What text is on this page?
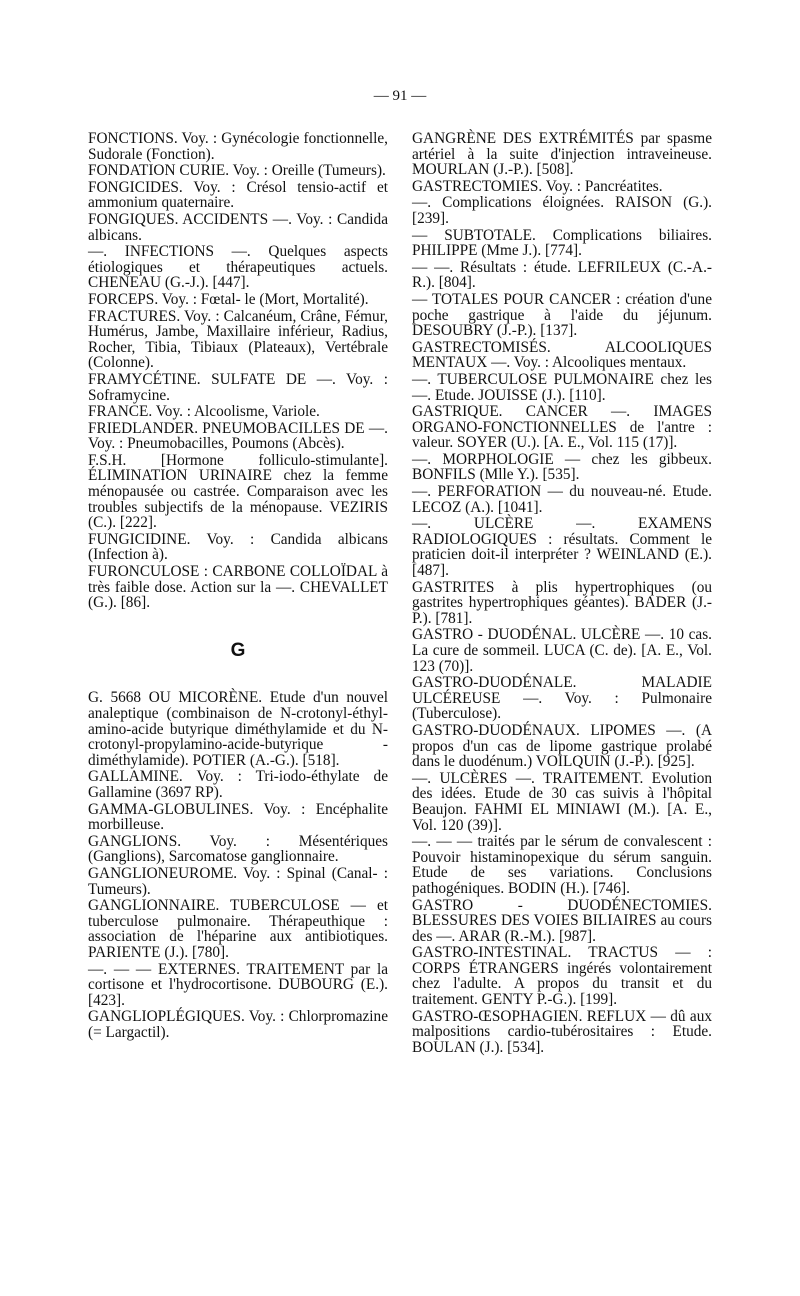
— 91 —

FONCTIONS. Voy. : Gynécologie fonctionnelle, Sudorale (Fonction).

FONDATION CURIE. Voy. : Oreille (Tumeurs).

FONGICIDES. Voy. : Crésol tensio-actif et ammonium quaternaire.

FONGIQUES. ACCIDENTS —. Voy. : Candida albicans.

—. INFECTIONS —. Quelques aspects étiologiques et thérapeutiques actuels. CHENEAU (G.-J.). [447].

FORCEPS. Voy. : Fœtal- le (Mort, Mortalité).

FRACTURES. Voy. : Calcanéum, Crâne, Fémur, Humérus, Jambe, Maxillaire inférieur, Radius, Rocher, Tibia, Tibiaux (Plateaux), Vertébrale (Colonne).

FRAMYCÉTINE. SULFATE DE —. Voy. : Soframycine.

FRANCE. Voy. : Alcoolisme, Variole.

FRIEDLANDER. PNEUMOBACILLES DE —. Voy. : Pneumobacilles, Poumons (Abcès).

F.S.H. [Hormone folliculo-stimulante]. ÉLIMINATION URINAIRE chez la femme ménopausée ou castrée. Comparaison avec les troubles subjectifs de la ménopause. VEZIRIS (C.). [222].

FUNGICIDINE. Voy. : Candida albicans (Infection à).

FURONCULOSE : CARBONE COLLOÏDAL à très faible dose. Action sur la —. CHEVALLET (G.). [86].

G

G. 5668 OU MICORÈNE. Etude d'un nouvel analeptique (combinaison de N-crotonyl-éthyl-amino-acide butyrique diméthylamide et du N-crotonyl-propylamino-acide-butyrique - diméthylamide). POTIER (A.-G.). [518].

GALLAMINE. Voy. : Tri-iodo-éthylate de Gallamine (3697 RP).

GAMMA-GLOBULINES. Voy. : Encéphalite morbilleuse.

GANGLIONS. Voy. : Mésentériques (Ganglions), Sarcomatose ganglionnaire.

GANGLIONEUROME. Voy. : Spinal (Canal- : Tumeurs).

GANGLIONNAIRE. TUBERCULOSE — et tuberculose pulmonaire. Thérapeuthique : association de l'héparine aux antibiotiques. PARIENTE (J.). [780].

—. — — EXTERNES. TRAITEMENT par la cortisone et l'hydrocortisone. DUBOURG (E.). [423].

GANGLIOPLÉGIQUES. Voy. : Chlorpromazine (= Largactil).

GANGRÈNE DES EXTRÉMITÉS par spasme artériel à la suite d'injection intraveineuse. MOURLAN (J.-P.). [508].

GASTRECTOMIES. Voy. : Pancréatites.

—. Complications éloignées. RAISON (G.). [239].

— SUBTOTALE. Complications biliaires. PHILIPPE (Mme J.). [774].

— —. Résultats : étude. LEFRILEUX (C.-A.-R.). [804].

— TOTALES POUR CANCER : création d'une poche gastrique à l'aide du jéjunum. DESOUBRY (J.-P.). [137].

GASTRECTOMISÉS. ALCOOLIQUES MENTAUX —. Voy. : Alcooliques mentaux.

—. TUBERCULOSE PULMONAIRE chez les —. Etude. JOUISSE (J.). [110].

GASTRIQUE. CANCER —. IMAGES ORGANO-FONCTIONNELLES de l'antre : valeur. SOYER (U.). [A. E., Vol. 115 (17)].

—. MORPHOLOGIE — chez les gibbeux. BONFILS (Mlle Y.). [535].

—. PERFORATION — du nouveau-né. Etude. LECOZ (A.). [1041].

—. ULCÈRE —. EXAMENS RADIOLOGIQUES : résultats. Comment le praticien doit-il interpréter ? WEINLAND (E.). [487].

GASTRITES à plis hypertrophiques (ou gastrites hypertrophiques géantes). BADER (J.-P.). [781].

GASTRO - DUODÉNAL. ULCÈRE —. 10 cas. La cure de sommeil. LUCA (C. de). [A. E., Vol. 123 (70)].

GASTRO-DUODÉNALE. MALADIE ULCÉREUSE —. Voy. : Pulmonaire (Tuberculose).

GASTRO-DUODÉNAUX. LIPOMES —. (A propos d'un cas de lipome gastrique prolabé dans le duodénum.) VOILQUIN (J.-P.). [925].

—. ULCÈRES —. TRAITEMENT. Evolution des idées. Etude de 30 cas suivis à l'hôpital Beaujon. FAHMI EL MINIAWI (M.). [A. E., Vol. 120 (39)].

—. — — traités par le sérum de convalescent : Pouvoir histaminopexique du sérum sanguin. Etude de ses variations. Conclusions pathogéniques. BODIN (H.). [746].

GASTRO - DUODÉNECTOMIES. BLESSURES DES VOIES BILIAIRES au cours des —. ARAR (R.-M.). [987].

GASTRO-INTESTINAL. TRACTUS — : CORPS ÉTRANGERS ingérés volontairement chez l'adulte. A propos du transit et du traitement. GENTY P.-G.). [199].

GASTRO-ŒSOPHAGIEN. REFLUX — dû aux malpositions cardio-tubérositaires : Etude. BOULAN (J.). [534].
